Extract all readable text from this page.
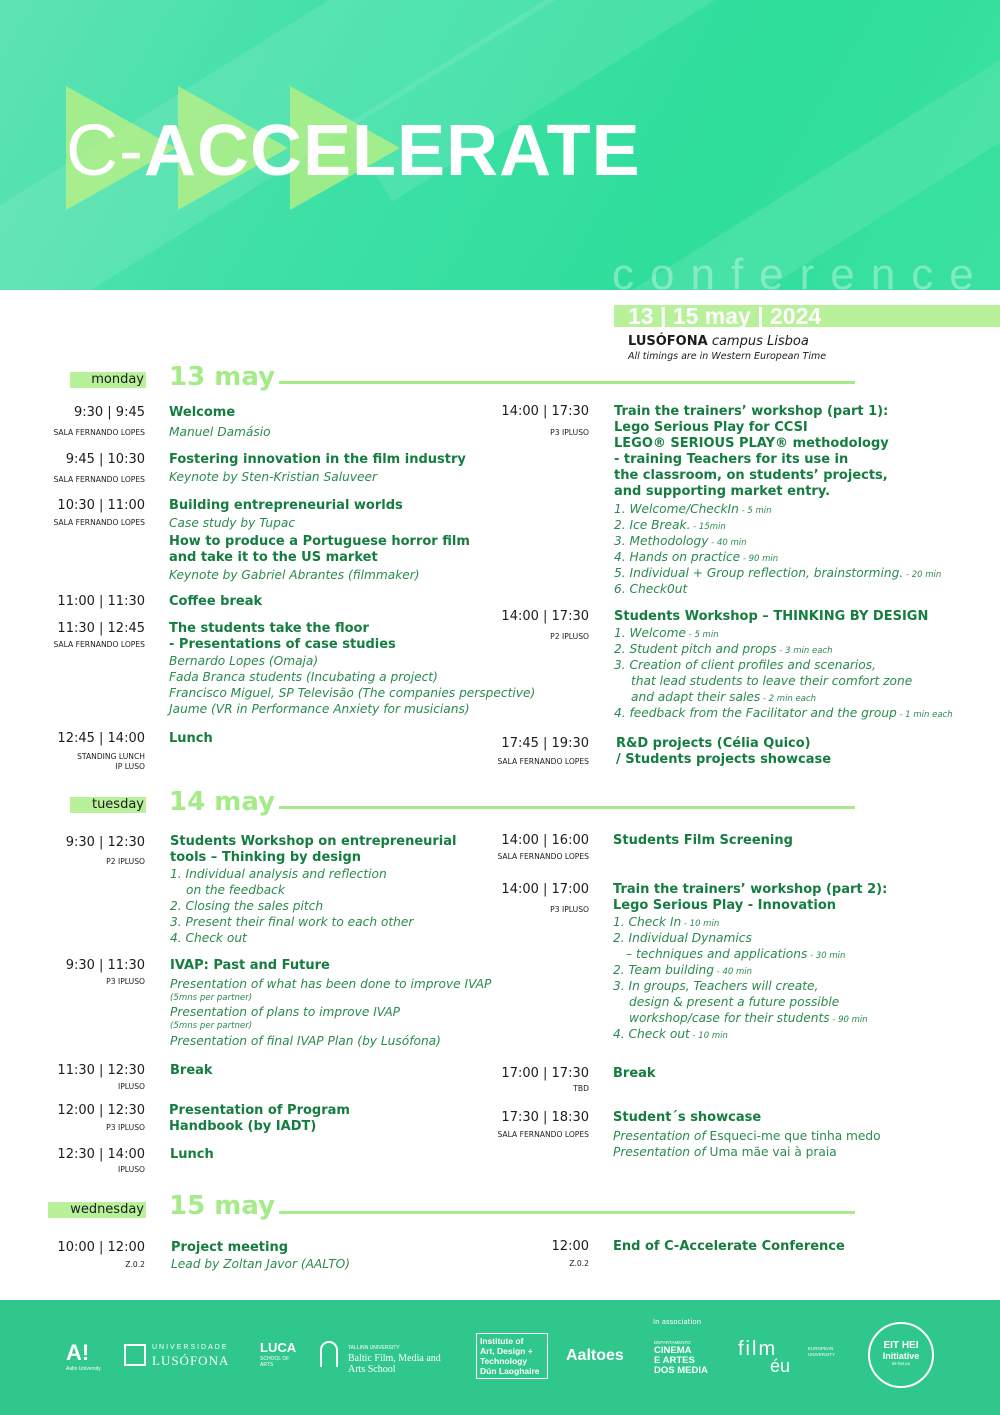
C-ACCELERATE
conference
13 | 15 may | 2024
LUSÓFONA campus Lisboa
All timings are in Western European Time
monday 13 may
9:30 | 9:45
SALA FERNANDO LOPES
Welcome
Manuel Damásio
9:45 | 10:30
SALA FERNANDO LOPES
Fostering innovation in the film industry
Keynote by Sten-Kristian Saluveer
10:30 | 11:00
SALA FERNANDO LOPES
Building entrepreneurial worlds
Case study by Tupac
How to produce a Portuguese horror film
and take it to the US market
Keynote by Gabriel Abrantes (filmmaker)
11:00 | 11:30 Coffee break
11:30 | 12:45
SALA FERNANDO LOPES
The students take the floor
- Presentations of case studies
Bernardo Lopes (Omaja)
Fada Branca students (Incubating a project)
Francisco Miguel, SP Televisão (The companies perspective)
Jaume (VR in Performance Anxiety for musicians)
12:45 | 14:00
STANDING LUNCH
IP LUSO
Lunch
14:00 | 17:30
P3 IPLUSO
Train the trainers’ workshop (part 1):
Lego Serious Play for CCSI
LEGO® SERIOUS PLAY® methodology
- training Teachers for its use in
the classroom, on students’ projects,
and supporting market entry.
1. Welcome/CheckIn - 5 min
2. Ice Break. - 15min
3. Methodology - 40 min
4. Hands on practice - 90 min
5. Individual + Group reflection, brainstorming. - 20 min
6. Check0ut
14:00 | 17:30
P2 IPLUSO
Students Workshop – THINKING BY DESIGN
1. Welcome - 5 min
2. Student pitch and props - 3 min each
3. Creation of client profiles and scenarios,
that lead students to leave their comfort zone
and adapt their sales - 2 min each
4. feedback from the Facilitator and the group - 1 min each
17:45 | 19:30
SALA FERNANDO LOPES
R&D projects (Célia Quico)
/ Students projects showcase
tuesday 14 may
9:30 | 12:30
P2 IPLUSO
Students Workshop on entrepreneurial
tools – Thinking by design
1. Individual analysis and reflection
on the feedback
2. Closing the sales pitch
3. Present their final work to each other
4. Check out
9:30 | 11:30
P3 IPLUSO
IVAP: Past and Future
Presentation of what has been done to improve IVAP
(5mns per partner)
Presentation of plans to improve IVAP
(5mns per partner)
Presentation of final IVAP Plan (by Lusófona)
11:30 | 12:30
IPLUSO
Break
12:00 | 12:30
P3 IPLUSO
Presentation of Program
Handbook (by IADT)
12:30 | 14:00
IPLUSO
Lunch
14:00 | 16:00
SALA FERNANDO LOPES
Students Film Screening
14:00 | 17:00
P3 IPLUSO
Train the trainers’ workshop (part 2):
Lego Serious Play - Innovation
1. Check In - 10 min
2. Individual Dynamics
– techniques and applications - 30 min
2. Team building - 40 min
3. In groups, Teachers will create,
design & present a future possible
workshop/case for their students - 90 min
4. Check out - 10 min
17:00 | 17:30
TBD
Break
17:30 | 18:30
SALA FERNANDO LOPES
Student´s showcase
Presentation of Esqueci-me que tinha medo
Presentation of Uma mãe vai à praia
wednesday 15 may
10:00 | 12:00
Z.0.2
Project meeting
Lead by Zoltan Javor (AALTO)
12:00
Z.0.2
End of C-Accelerate Conference
In association
A!
Aalto University
UNIVERSIDADE
LUSÓFONA
LUCA
SCHOOL OF ARTS
TALLINN UNIVERSITY
Baltic Film, Media and
Arts School
Institute of
Art, Design +
Technology
Dún Laoghaire
Aaltoes
DEPARTAMENTO
CINEMA
E ARTES
DOS MEDIA
film
éu
EUROPEAN UNIVERSITY
EIT HEI
Initiative
eit-hei.eu
